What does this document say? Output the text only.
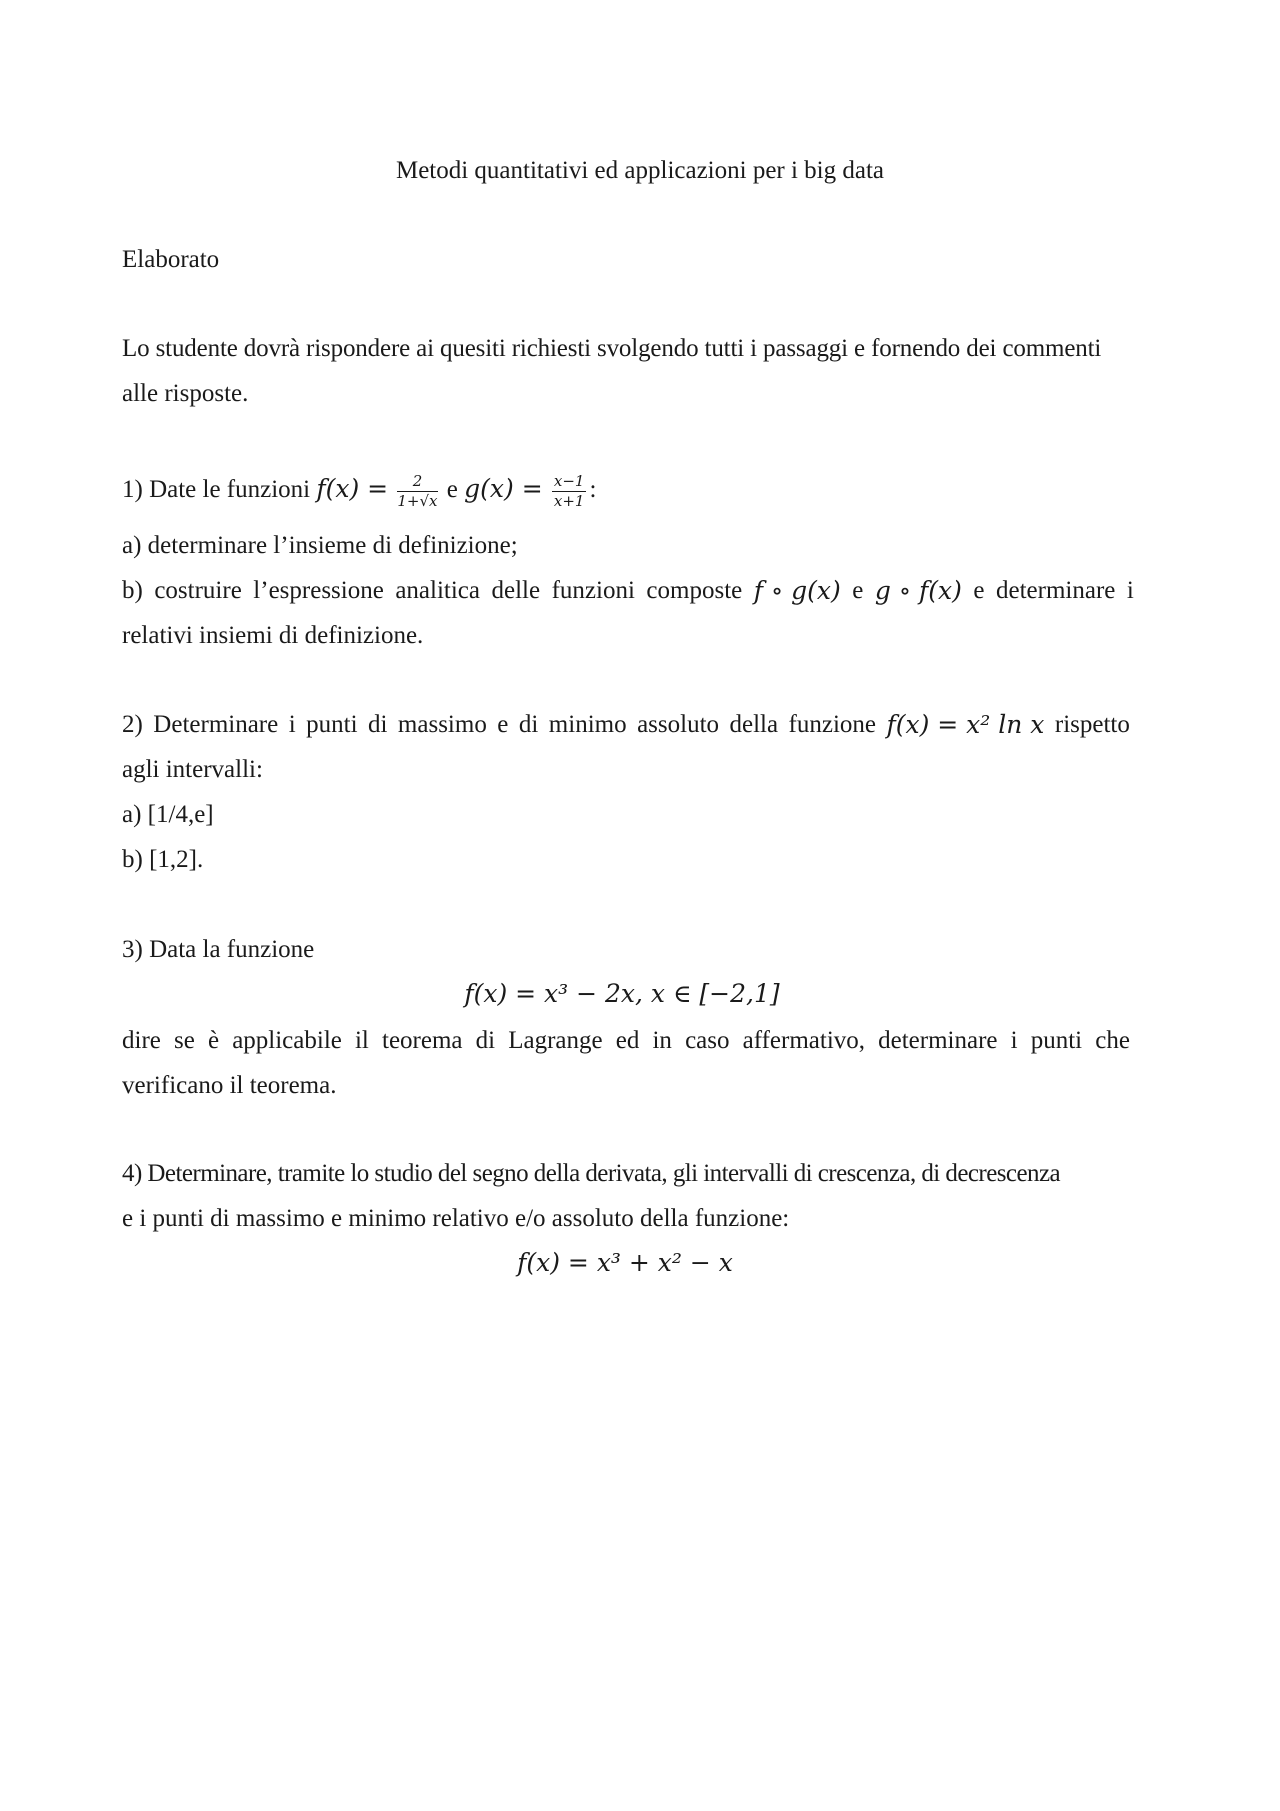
Metodi quantitativi ed applicazioni per i big data
Elaborato
Lo studente dovrà rispondere ai quesiti richiesti svolgendo tutti i passaggi e fornendo dei commenti
alle risposte.
1) Date le funzioni $f(x) = \frac{2}{1+√x}$ e $g(x) = \frac{x-1}{x+1}$ :
a) determinare l’insieme di definizione;
b) costruire l’espressione analitica delle funzioni composte f ∘ g(x) e g ∘ f(x) e determinare i
relativi insiemi di definizione.
2) Determinare i punti di massimo e di minimo assoluto della funzione f(x) = x² ln x rispetto
agli intervalli:
a) [1/4,e]
b) [1,2].
3) Data la funzione
f(x) = x³ − 2x, x ∈ [−2,1]
dire se è applicabile il teorema di Lagrange ed in caso affermativo, determinare i punti che
verificano il teorema.
4) Determinare, tramite lo studio del segno della derivata, gli intervalli di crescenza, di decrescenza
e i punti di massimo e minimo relativo e/o assoluto della funzione:
f(x) = x³ + x² − x
